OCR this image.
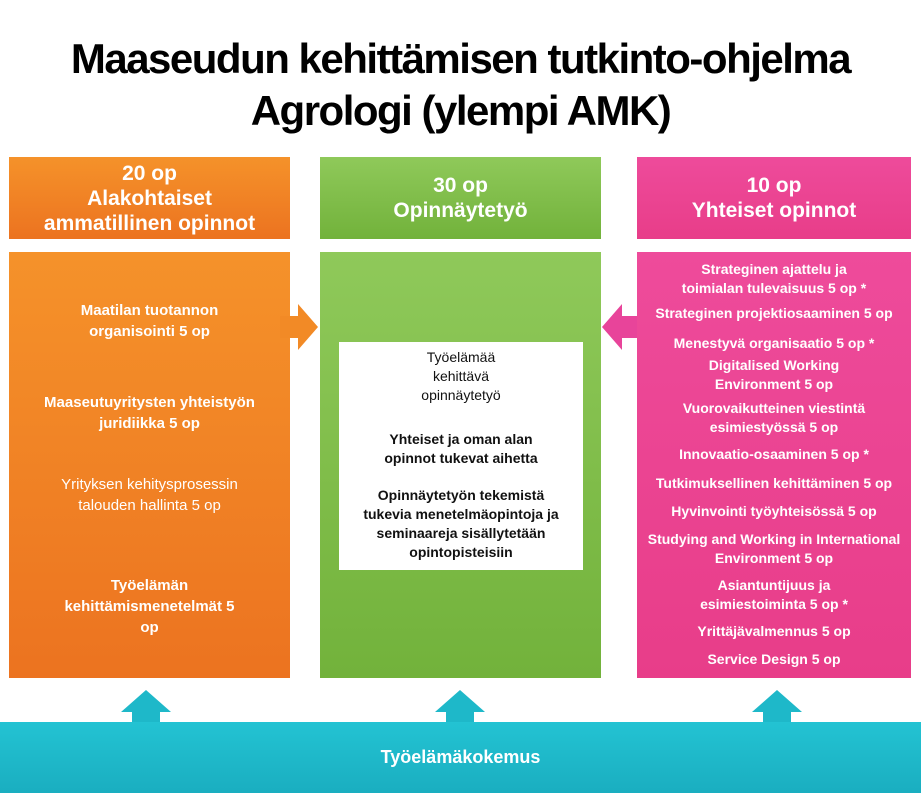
Maaseudun kehittämisen tutkinto-ohjelma
Agrologi (ylempi AMK)
20 op
Alakohtaiset
ammatillinen opinnot
Maatilan tuotannon
organisointi 5 op
Maaseutuyritysten yhteistyön
juridiikka 5 op
Yrityksen kehitysprosessin
talouden hallinta 5 op
Työelämän
kehittämismenetelmät 5
op
30 op
Opinnäytetyö
Työelämää
kehittävä
opinnäytetyö
Yhteiset ja oman alan
opinnot tukevat aihetta
Opinnäytetyön tekemistä
tukevia menetelmäopintoja ja
seminaareja sisällytetään
opintopisteisiin
10 op
Yhteiset opinnot
Strateginen ajattelu ja
toimialan tulevaisuus 5 op *
Strateginen projektiosaaminen 5 op
Menestyvä organisaatio 5 op *
Digitalised Working
Environment 5 op
Vuorovaikutteinen viestintä
esimiestyössä 5 op
Innovaatio-osaaminen 5 op *
Tutkimuksellinen kehittäminen 5 op
Hyvinvointi työyhteisössä 5 op
Studying and Working in International
Environment 5 op
Asiantuntijuus ja
esimiestoiminta 5 op *
Yrittäjävalmennus 5 op
Service Design 5 op
Työelämäkokemus
